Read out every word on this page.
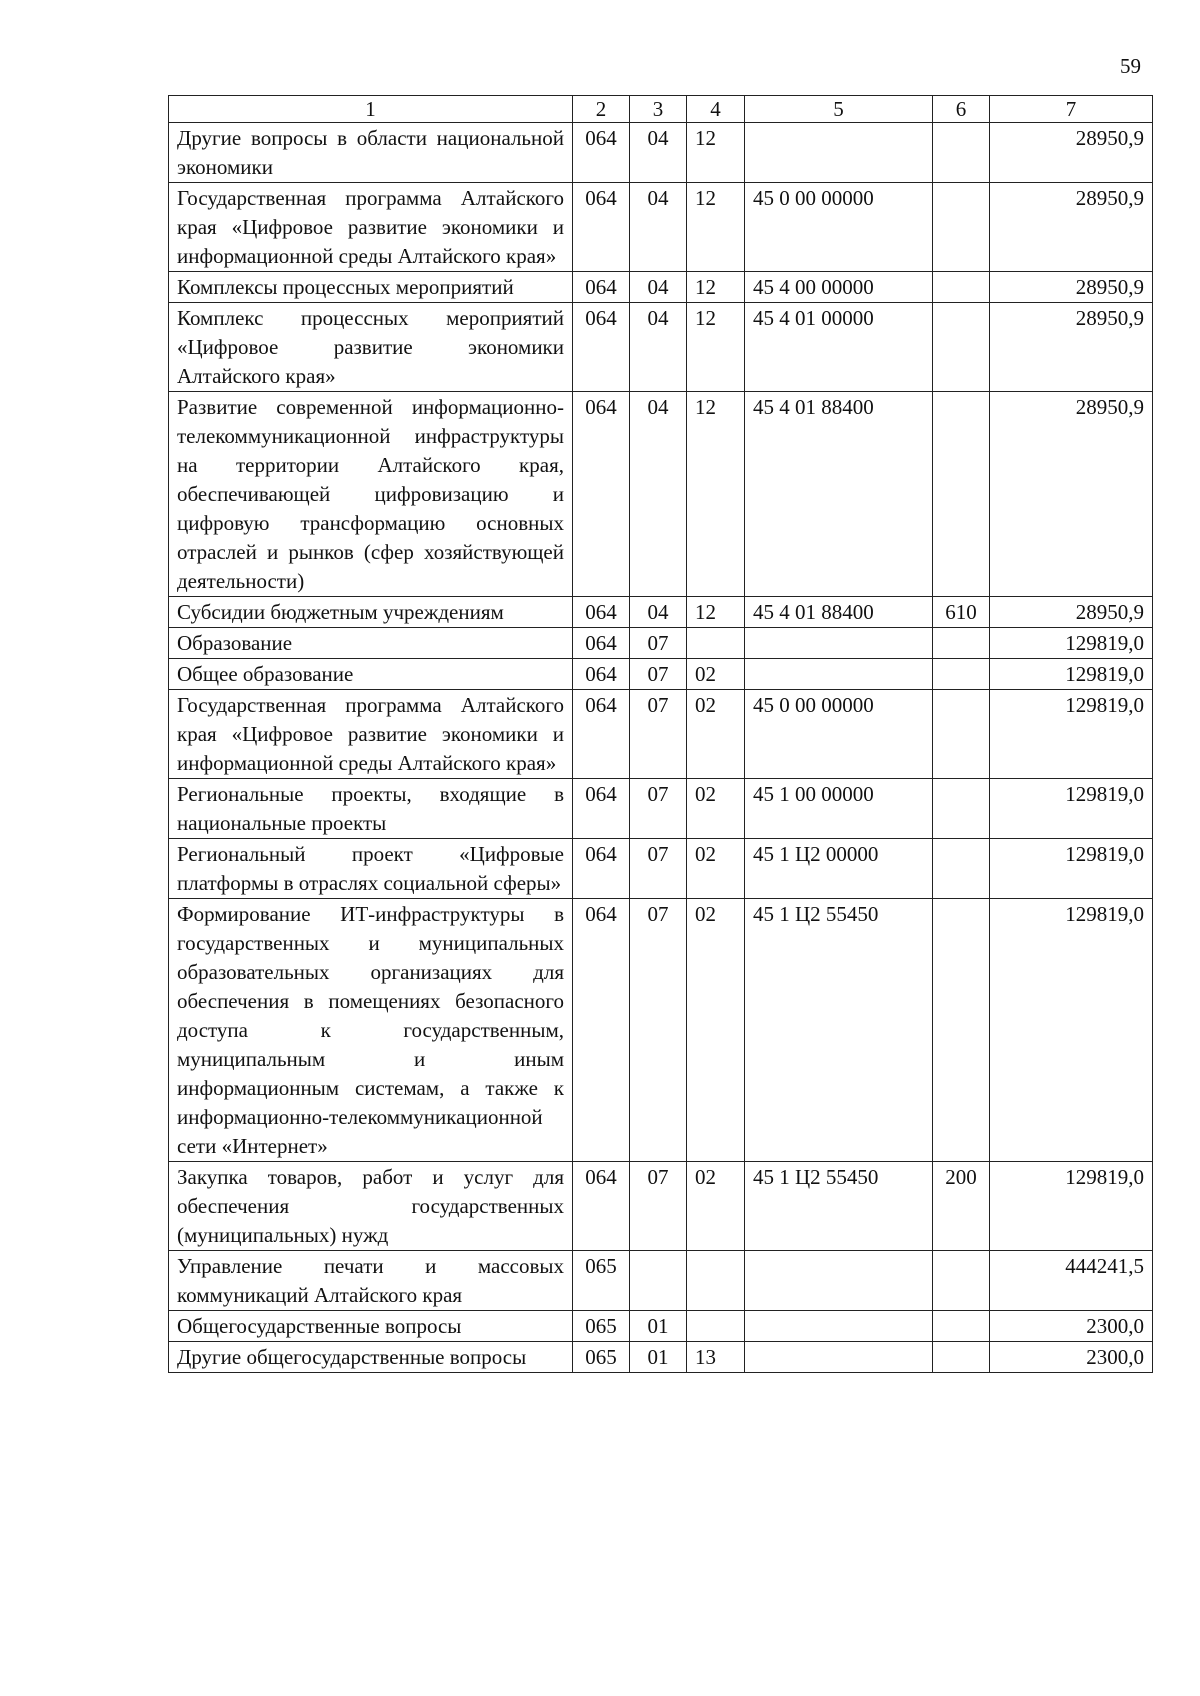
59
1	2	3	4	5	6	7
Другие вопросы в области национальной экономики	064	04	12			28950,9
Государственная программа Алтайского края «Цифровое развитие экономики и информационной среды Алтайского края»	064	04	12	45 0 00 00000		28950,9
Комплексы процессных мероприятий	064	04	12	45 4 00 00000		28950,9
Комплекс процессных мероприятий «Цифровое развитие экономики Алтайского края»	064	04	12	45 4 01 00000		28950,9
Развитие современной информационно-телекоммуникационной инфраструктуры на территории Алтайского края, обеспечивающей цифровизацию и цифровую трансформацию основных отраслей и рынков (сфер хозяйствующей деятельности)	064	04	12	45 4 01 88400		28950,9
Субсидии бюджетным учреждениям	064	04	12	45 4 01 88400	610	28950,9
Образование	064	07				129819,0
Общее образование	064	07	02			129819,0
Государственная программа Алтайского края «Цифровое развитие экономики и информационной среды Алтайского края»	064	07	02	45 0 00 00000		129819,0
Региональные проекты, входящие в национальные проекты	064	07	02	45 1 00 00000		129819,0
Региональный проект «Цифровые платформы в отраслях социальной сферы»	064	07	02	45 1 Ц2 00000		129819,0
Формирование ИТ-инфраструктуры в государственных и муниципальных образовательных организациях для обеспечения в помещениях безопасного доступа к государственным, муниципальным и иным информационным системам, а также к информационно-телекоммуникационной сети «Интернет»	064	07	02	45 1 Ц2 55450		129819,0
Закупка товаров, работ и услуг для обеспечения государственных (муниципальных) нужд	064	07	02	45 1 Ц2 55450	200	129819,0
Управление печати и массовых коммуникаций Алтайского края	065					444241,5
Общегосударственные вопросы	065	01				2300,0
Другие общегосударственные вопросы	065	01	13			2300,0
